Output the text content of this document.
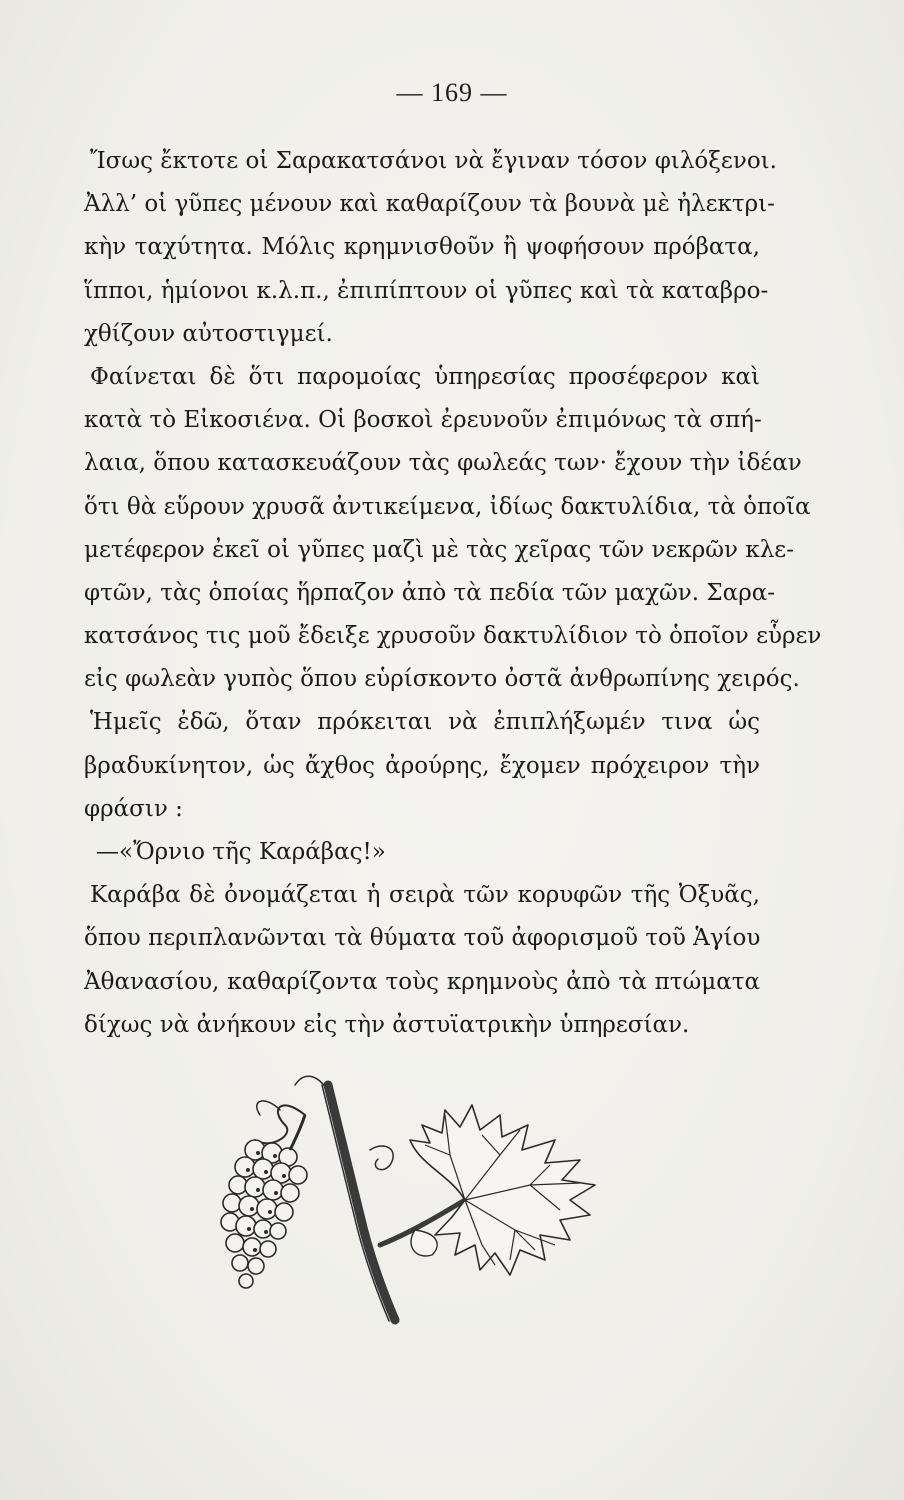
— 169 —
Ἴσως ἔκτοτε οἱ Σαρακατσάνοι νὰ ἔγιναν τόσον φιλόξενοι.
Ἀλλ’ οἱ γῦπες μένουν καὶ καθαρίζουν τὰ βουνὰ μὲ ἠλεκτρι-
κὴν ταχύτητα. Μόλις κρημνισθοῦν ἢ ψοφήσουν πρόβατα,
ἵπποι, ἡμίονοι κ.λ.π., ἐπιπίπτουν οἱ γῦπες καὶ τὰ καταβρο-
χθίζουν αὐτοστιγμεί.
Φαίνεται δὲ ὅτι παρομοίας ὑπηρεσίας προσέφερον καὶ
κατὰ τὸ Εἰκοσιένα. Οἱ βοσκοὶ ἐρευνοῦν ἐπιμόνως τὰ σπή-
λαια, ὅπου κατασκευάζουν τὰς φωλεάς των· ἔχουν τὴν ἰδέαν
ὅτι θὰ εὕρουν χρυσᾶ ἀντικείμενα, ἰδίως δακτυλίδια, τὰ ὁποῖα
μετέφερον ἐκεῖ οἱ γῦπες μαζὶ μὲ τὰς χεῖρας τῶν νεκρῶν κλε-
φτῶν, τὰς ὁποίας ἥρπαζον ἀπὸ τὰ πεδία τῶν μαχῶν. Σαρα-
κατσάνος τις μοῦ ἔδειξε χρυσοῦν δακτυλίδιον τὸ ὁποῖον εὗρεν
εἰς φωλεὰν γυπὸς ὅπου εὑρίσκοντο ὀστᾶ ἀνθρωπίνης χειρός.
Ἡμεῖς ἐδῶ, ὅταν πρόκειται νὰ ἐπιπλήξωμέν τινα ὡς
βραδυκίνητον, ὡς ἄχθος ἀρούρης, ἔχομεν πρόχειρον τὴν
φράσιν :
—«Ὄρνιο τῆς Καράβας!»
Καράβα δὲ ὀνομάζεται ἡ σειρὰ τῶν κορυφῶν τῆς Ὀξυᾶς,
ὅπου περιπλανῶνται τὰ θύματα τοῦ ἀφορισμοῦ τοῦ Ἁγίου
Ἀθανασίου, καθαρίζοντα τοὺς κρημνοὺς ἀπὸ τὰ πτώματα
δίχως νὰ ἀνήκουν εἰς τὴν ἀστυϊατρικὴν ὑπηρεσίαν.
